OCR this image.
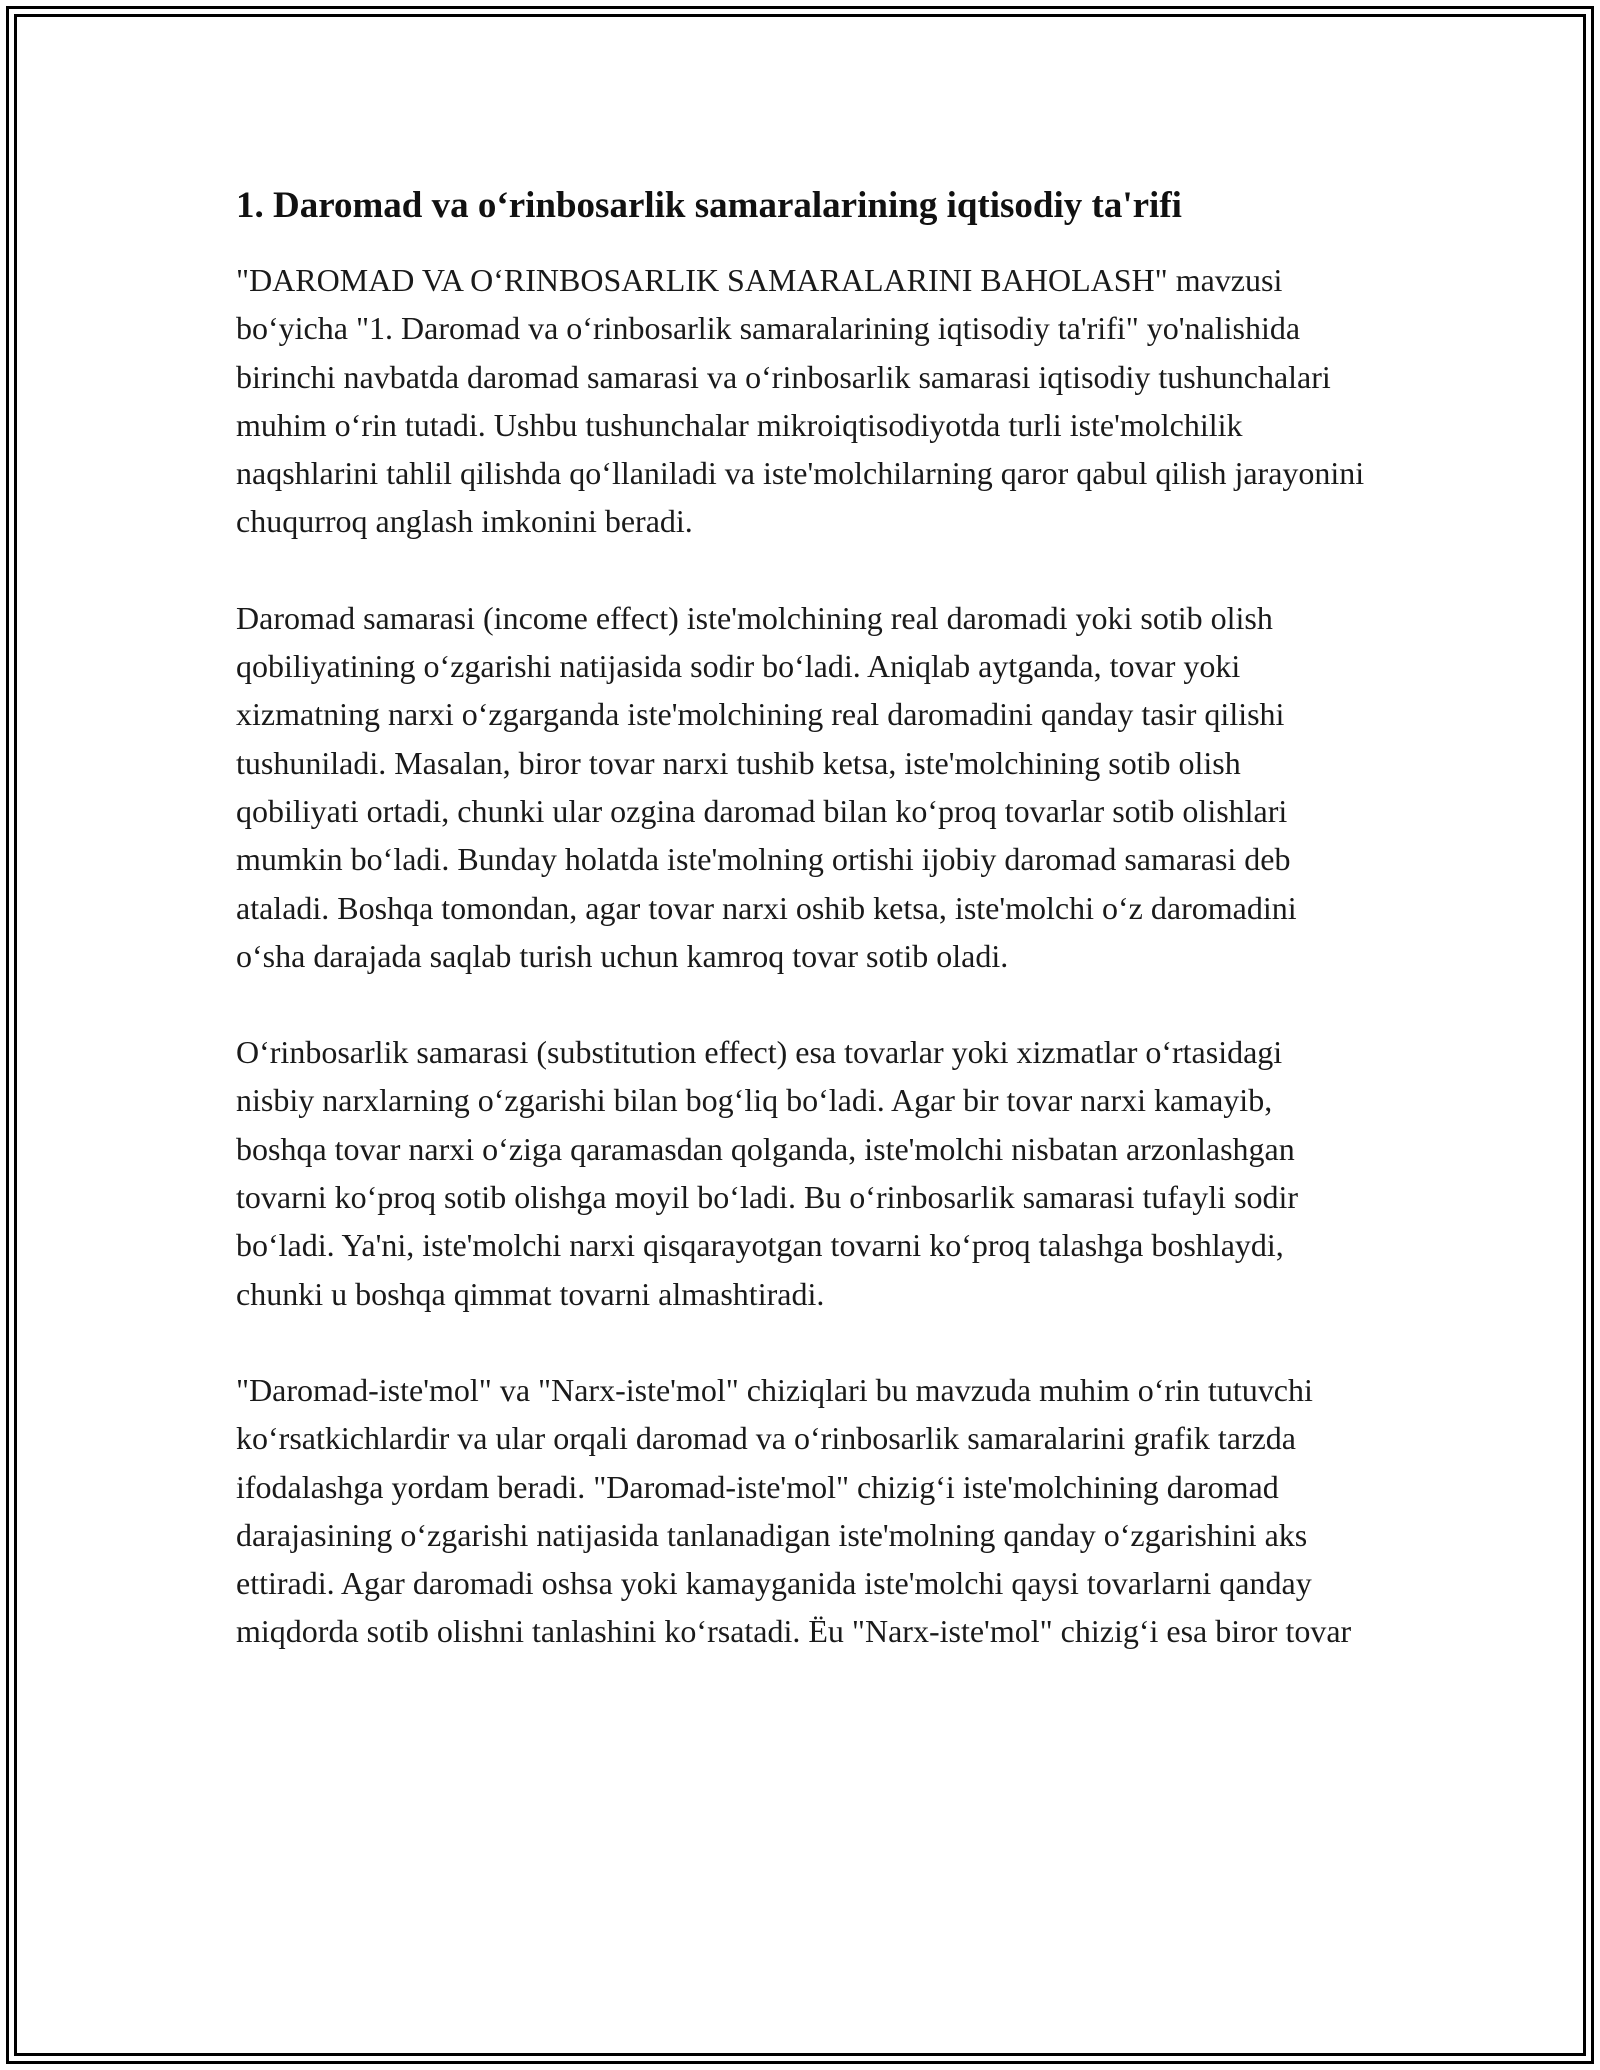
1. Daromad va o‘rinbosarlik samaralarining iqtisodiy ta'rifi

"DAROMAD VA O‘RINBOSARLIK SAMARALARINI BAHOLASH" mavzusi bo‘yicha "1. Daromad va o‘rinbosarlik samaralarining iqtisodiy ta'rifi" yo'nalishida birinchi navbatda daromad samarasi va o‘rinbosarlik samarasi iqtisodiy tushunchalari muhim o‘rin tutadi. Ushbu tushunchalar mikroiqtisodiyotda turli iste'molchilik naqshlarini tahlil qilishda qo‘llaniladi va iste'molchilarning qaror qabul qilish jarayonini chuqurroq anglash imkonini beradi.

Daromad samarasi (income effect) iste'molchining real daromadi yoki sotib olish qobiliyatining o‘zgarishi natijasida sodir bo‘ladi. Aniqlab aytganda, tovar yoki xizmatning narxi o‘zgarganda iste'molchining real daromadini qanday tasir qilishi tushuniladi. Masalan, biror tovar narxi tushib ketsa, iste'molchining sotib olish qobiliyati ortadi, chunki ular ozgina daromad bilan ko‘proq tovarlar sotib olishlari mumkin bo‘ladi. Bunday holatda iste'molning ortishi ijobiy daromad samarasi deb ataladi. Boshqa tomondan, agar tovar narxi oshib ketsa, iste'molchi o‘z daromadini o‘sha darajada saqlab turish uchun kamroq tovar sotib oladi.

O‘rinbosarlik samarasi (substitution effect) esa tovarlar yoki xizmatlar o‘rtasidagi nisbiy narxlarning o‘zgarishi bilan bog‘liq bo‘ladi. Agar bir tovar narxi kamayib, boshqa tovar narxi o‘ziga qaramasdan qolganda, iste'molchi nisbatan arzonlashgan tovarni ko‘proq sotib olishga moyil bo‘ladi. Bu o‘rinbosarlik samarasi tufayli sodir bo‘ladi. Ya'ni, iste'molchi narxi qisqarayotgan tovarni ko‘proq talashga boshlaydi, chunki u boshqa qimmat tovarni almashtiradi.

"Daromad-iste'mol" va "Narx-iste'mol" chiziqlari bu mavzuda muhim o‘rin tutuvchi ko‘rsatkichlardir va ular orqali daromad va o‘rinbosarlik samaralarini grafik tarzda ifodalashga yordam beradi. "Daromad-iste'mol" chizig‘i iste'molchining daromad darajasining o‘zgarishi natijasida tanlanadigan iste'molning qanday o‘zgarishini aks ettiradi. Agar daromadi oshsa yoki kamayganida iste'molchi qaysi tovarlarni qanday miqdorda sotib olishni tanlashini ko‘rsatadi. Ëu "Narx-iste'mol" chizig‘i esa biror tovar
